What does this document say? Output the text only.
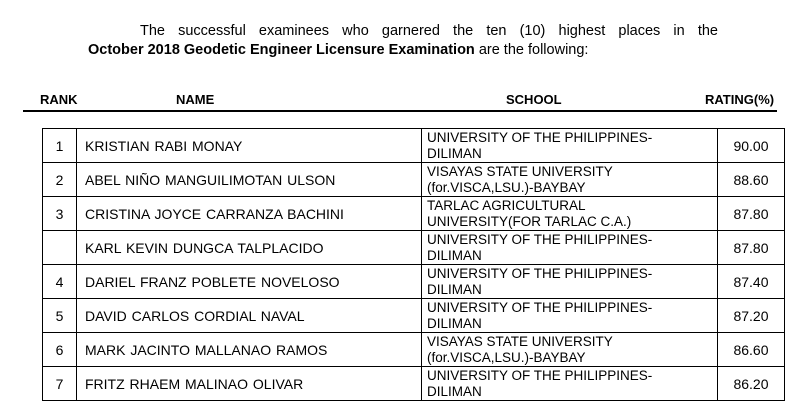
The successful examinees who garnered the ten (10) highest places in the
October 2018 Geodetic Engineer Licensure Examination are the following:
RANK	NAME	SCHOOL	RATING(%)
1	KRISTIAN RABI MONAY	UNIVERSITY OF THE PHILIPPINES-
DILIMAN	90.00
2	ABEL NIÑO MANGUILIMOTAN ULSON	VISAYAS STATE UNIVERSITY
(for.VISCA,LSU.)-BAYBAY	88.60
3	CRISTINA JOYCE CARRANZA BACHINI	TARLAC AGRICULTURAL
UNIVERSITY(FOR TARLAC C.A.)	87.80
	KARL KEVIN DUNGCA TALPLACIDO	UNIVERSITY OF THE PHILIPPINES-
DILIMAN	87.80
4	DARIEL FRANZ POBLETE NOVELOSO	UNIVERSITY OF THE PHILIPPINES-
DILIMAN	87.40
5	DAVID CARLOS CORDIAL NAVAL	UNIVERSITY OF THE PHILIPPINES-
DILIMAN	87.20
6	MARK JACINTO MALLANAO RAMOS	VISAYAS STATE UNIVERSITY
(for.VISCA,LSU.)-BAYBAY	86.60
7	FRITZ RHAEM MALINAO OLIVAR	UNIVERSITY OF THE PHILIPPINES-
DILIMAN	86.20
